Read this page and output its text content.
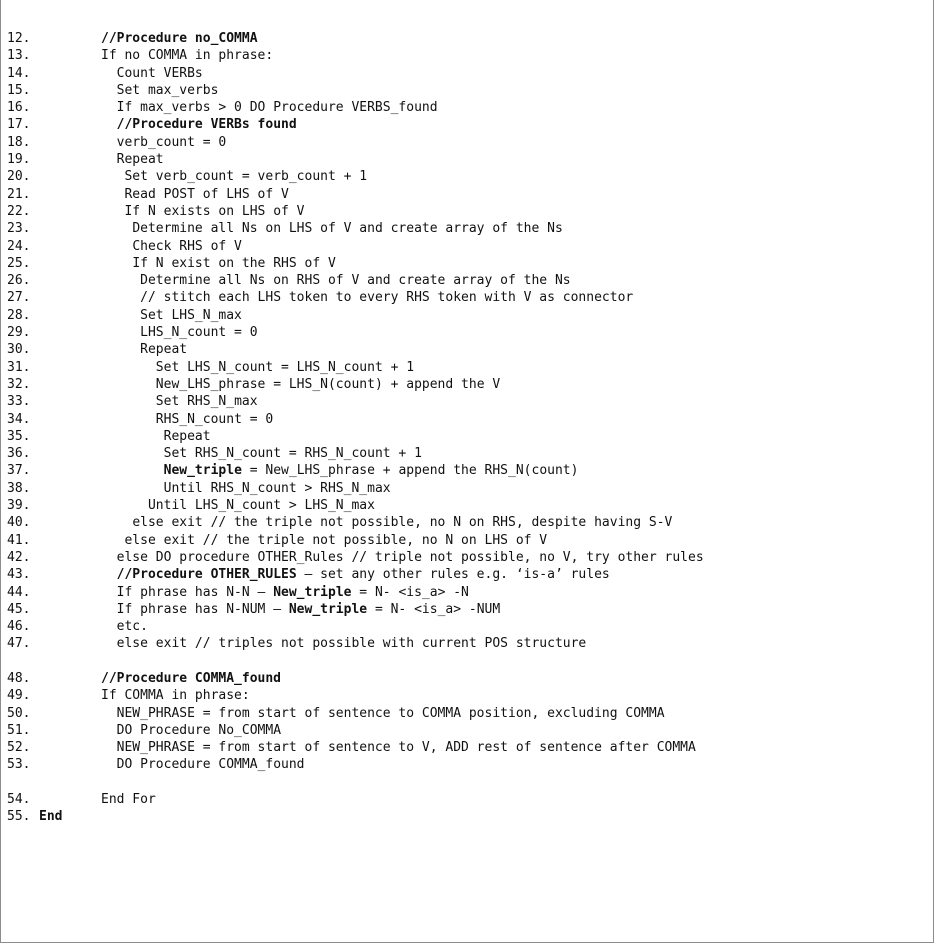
12.	//Procedure no_COMMA
13.	If no COMMA in phrase:
14.	Count VERBs
15.	Set max_verbs
16.	If max_verbs > 0 DO Procedure VERBS_found
17.	//Procedure VERBs found
18.	verb_count = 0
19.	Repeat
20.	Set verb_count = verb_count + 1
21.	Read POST of LHS of V
22.	If N exists on LHS of V
23.	Determine all Ns on LHS of V and create array of the Ns
24.	Check RHS of V
25.	If N exist on the RHS of V
26.	Determine all Ns on RHS of V and create array of the Ns
27.	// stitch each LHS token to every RHS token with V as connector
28.	Set LHS_N_max
29.	LHS_N_count = 0
30.	Repeat
31.	Set LHS_N_count = LHS_N_count + 1
32.	New_LHS_phrase = LHS_N(count) + append the V
33.	Set RHS_N_max
34.	RHS_N_count = 0
35.	Repeat
36.	Set RHS_N_count = RHS_N_count + 1
37.	New_triple = New_LHS_phrase + append the RHS_N(count)
38.	Until RHS_N_count > RHS_N_max
39.	Until LHS_N_count > LHS_N_max
40.	else exit // the triple not possible, no N on RHS, despite having S-V
41.	else exit // the triple not possible, no N on LHS of V
42.	else DO procedure OTHER_Rules // triple not possible, no V, try other rules
43.	//Procedure OTHER_RULES – set any other rules e.g. ‘is-a’ rules
44.	If phrase has N-N – New_triple = N- <is_a> -N
45.	If phrase has N-NUM – New_triple = N- <is_a> -NUM
46.	etc.
47.	else exit // triples not possible with current POS structure
48.	//Procedure COMMA_found
49.	If COMMA in phrase:
50.	NEW_PHRASE = from start of sentence to COMMA position, excluding COMMA
51.	DO Procedure No_COMMA
52.	NEW_PHRASE = from start of sentence to V, ADD rest of sentence after COMMA
53.	DO Procedure COMMA_found
54.	End For
55. End
